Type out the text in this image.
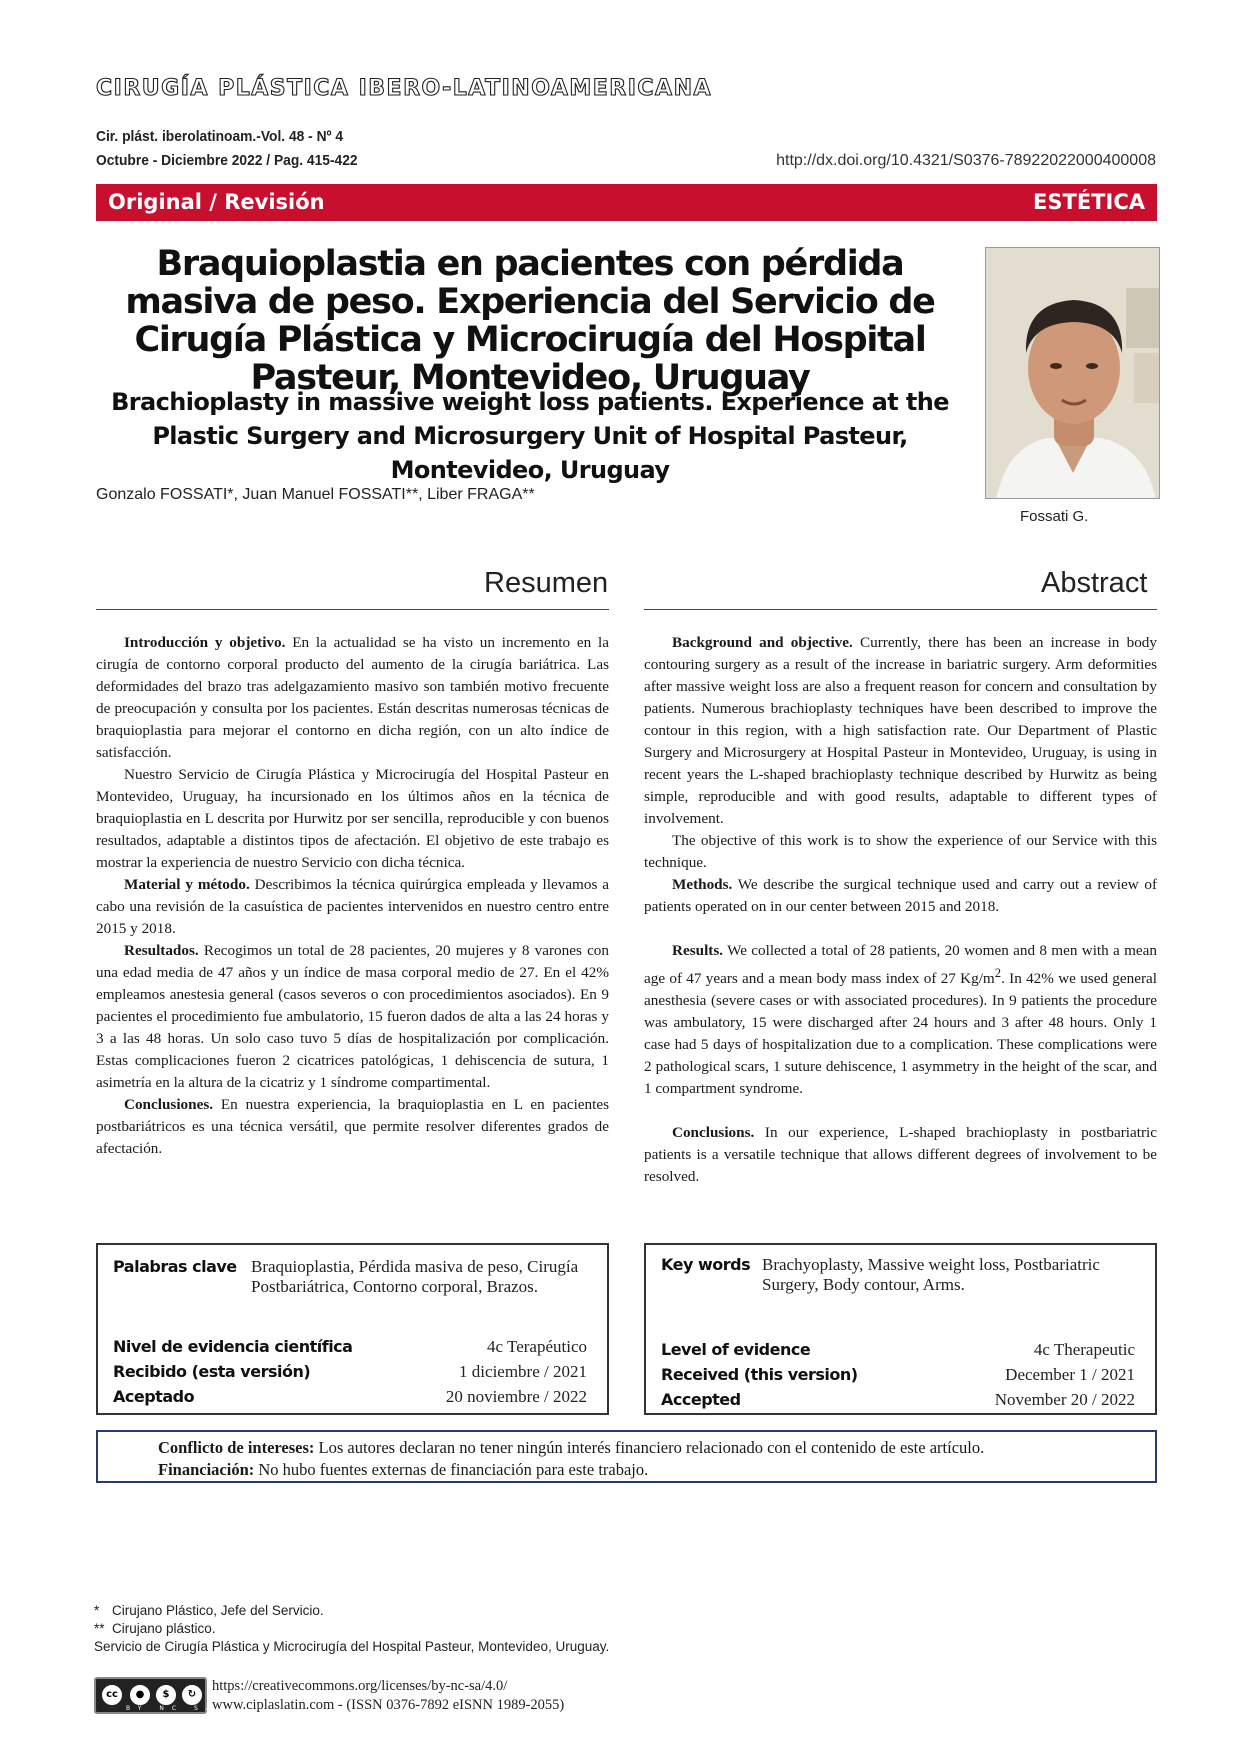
CIRUGÍA PLÁSTICA IBERO-LATINOAMERICANA
Cir. plást. iberolatinoam.-Vol. 48 - Nº 4
Octubre - Diciembre 2022 / Pag. 415-422	http://dx.doi.org/10.4321/S0376-78922022000400008
Original / Revisión	ESTÉTICA
Braquioplastia en pacientes con pérdida masiva de peso. Experiencia del Servicio de Cirugía Plástica y Microcirugía del Hospital Pasteur, Montevideo, Uruguay
Brachioplasty in massive weight loss patients. Experience at the Plastic Surgery and Microsurgery Unit of Hospital Pasteur, Montevideo, Uruguay
Gonzalo FOSSATI*, Juan Manuel FOSSATI**, Liber FRAGA**
Fossati G.
Resumen	Abstract

Introducción y objetivo. En la actualidad se ha visto un incremento en la cirugía de contorno corporal producto del aumento de la cirugía bariátrica. Las deformidades del brazo tras adelgazamiento masivo son también motivo frecuente de preocupación y consulta por los pacientes. Están descritas numerosas técnicas de braquioplastia para mejorar el contorno en dicha región, con un alto índice de satisfacción.

Nuestro Servicio de Cirugía Plástica y Microcirugía del Hospital Pasteur en Montevideo, Uruguay, ha incursionado en los últimos años en la técnica de braquioplastia en L descrita por Hurwitz por ser sencilla, reproducible y con buenos resultados, adaptable a distintos tipos de afectación. El objetivo de este trabajo es mostrar la experiencia de nuestro Servicio con dicha técnica.

Material y método. Describimos la técnica quirúrgica empleada y llevamos a cabo una revisión de la casuística de pacientes intervenidos en nuestro centro entre 2015 y 2018.

Resultados. Recogimos un total de 28 pacientes, 20 mujeres y 8 varones con una edad media de 47 años y un índice de masa corporal medio de 27. En el 42% empleamos anestesia general (casos severos o con procedimientos asociados). En 9 pacientes el procedimiento fue ambulatorio, 15 fueron dados de alta a las 24 horas y 3 a las 48 horas. Un solo caso tuvo 5 días de hospitalización por complicación. Estas complicaciones fueron 2 cicatrices patológicas, 1 dehiscencia de sutura, 1 asimetría en la altura de la cicatriz y 1 síndrome compartimental.

Conclusiones. En nuestra experiencia, la braquioplastia en L en pacientes postbariátricos es una técnica versátil, que permite resolver diferentes grados de afectación.

Background and objective. Currently, there has been an increase in body contouring surgery as a result of the increase in bariatric surgery. Arm deformities after massive weight loss are also a frequent reason for concern and consultation by patients. Numerous brachioplasty techniques have been described to improve the contour in this region, with a high satisfaction rate. Our Department of Plastic Surgery and Microsurgery at Hospital Pasteur in Montevideo, Uruguay, is using in recent years the L-shaped brachioplasty technique described by Hurwitz as being simple, reproducible and with good results, adaptable to different types of involvement.

The objective of this work is to show the experience of our Service with this technique.

Methods. We describe the surgical technique used and carry out a review of patients operated on in our center between 2015 and 2018.

Results. We collected a total of 28 patients, 20 women and 8 men with a mean age of 47 years and a mean body mass index of 27 $Kg/m^2$. In 42% we used general anesthesia (severe cases or with associated procedures). In 9 patients the procedure was ambulatory, 15 were discharged after 24 hours and 3 after 48 hours. Only 1 case had 5 days of hospitalization due to a complication. These complications were 2 pathological scars, 1 suture dehiscence, 1 asymmetry in the height of the scar, and 1 compartment syndrome.

Conclusions. In our experience, L-shaped brachioplasty in postbariatric patients is a versatile technique that allows different degrees of involvement to be resolved.

Palabras clave Braquioplastia, Pérdida masiva de peso, Cirugía Postbariátrica, Contorno corporal, Brazos.
Nivel de evidencia científica	4c Terapéutico
Recibido (esta versión)	1 diciembre / 2021
Aceptado	20 noviembre / 2022
Key words Brachyoplasty, Massive weight loss, Postbariatric Surgery, Body contour, Arms.
Level of evidence	4c Therapeutic
Received (this version)	December 1 / 2021
Accepted	November 20 / 2022
Conflicto de intereses: Los autores declaran no tener ningún interés financiero relacionado con el contenido de este artículo.
Financiación: No hubo fuentes externas de financiación para este trabajo.
* Cirujano Plástico, Jefe del Servicio.
** Cirujano plástico.
Servicio de Cirugía Plástica y Microcirugía del Hospital Pasteur, Montevideo, Uruguay.
cc	●	$	↻
BY NC SA
https://creativecommons.org/licenses/by-nc-sa/4.0/
www.ciplaslatin.com - (ISSN 0376-7892 eISNN 1989-2055)
